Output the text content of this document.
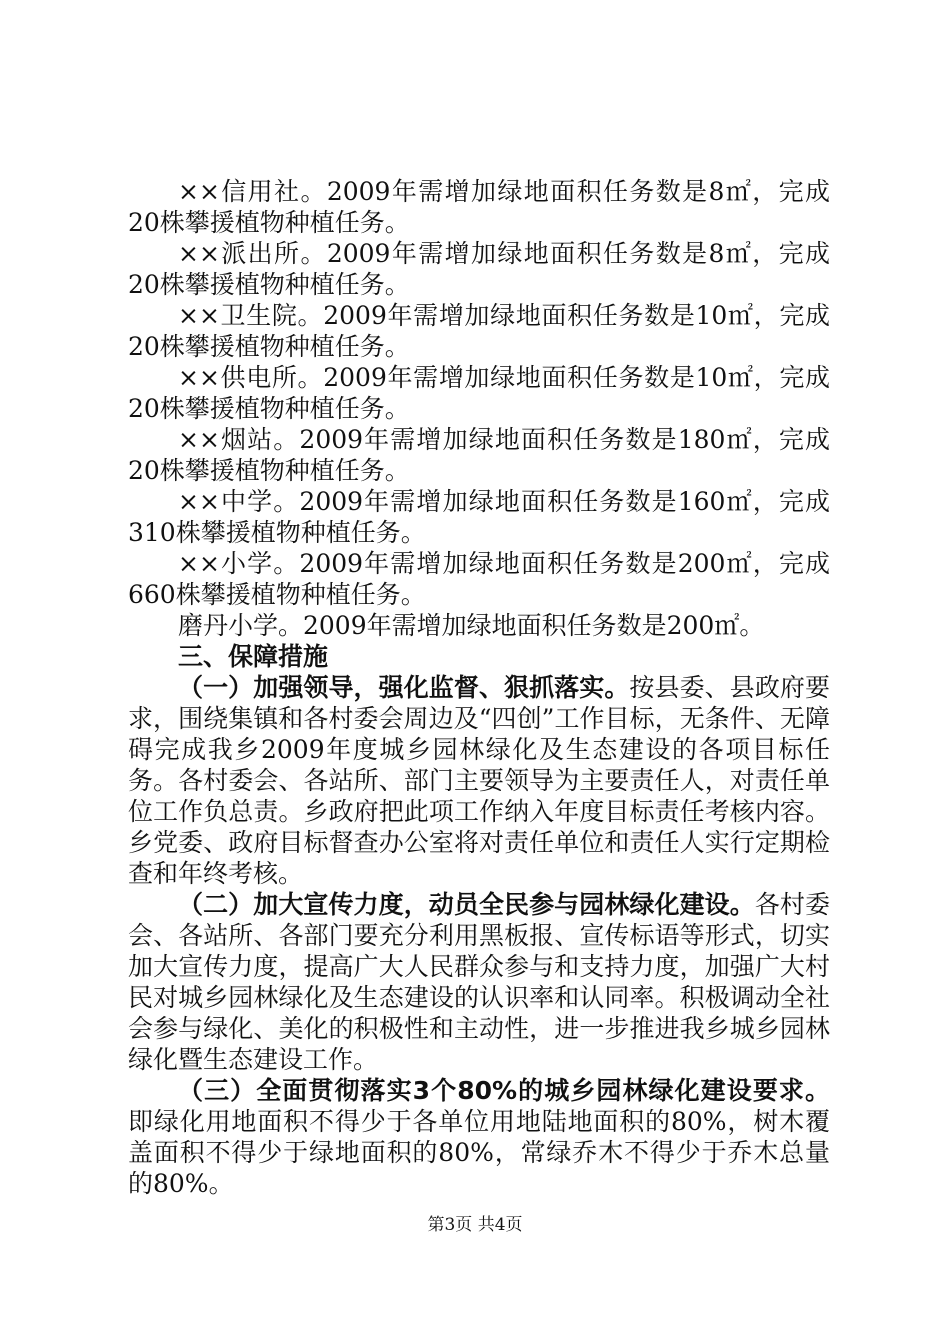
××信用社。2009年需增加绿地面积任务数是8㎡，完成20株攀援植物种植任务。

××派出所。2009年需增加绿地面积任务数是8㎡，完成20株攀援植物种植任务。

××卫生院。2009年需增加绿地面积任务数是10㎡，完成20株攀援植物种植任务。

××供电所。2009年需增加绿地面积任务数是10㎡，完成20株攀援植物种植任务。

××烟站。2009年需增加绿地面积任务数是180㎡，完成20株攀援植物种植任务。

××中学。2009年需增加绿地面积任务数是160㎡，完成310株攀援植物种植任务。

××小学。2009年需增加绿地面积任务数是200㎡，完成660株攀援植物种植任务。

磨丹小学。2009年需增加绿地面积任务数是200㎡。

三、保障措施

（一）加强领导，强化监督、狠抓落实。按县委、县政府要求，围绕集镇和各村委会周边及“四创”工作目标，无条件、无障碍完成我乡2009年度城乡园林绿化及生态建设的各项目标任务。各村委会、各站所、部门主要领导为主要责任人，对责任单位工作负总责。乡政府把此项工作纳入年度目标责任考核内容。乡党委、政府目标督查办公室将对责任单位和责任人实行定期检查和年终考核。

（二）加大宣传力度，动员全民参与园林绿化建设。各村委会、各站所、各部门要充分利用黑板报、宣传标语等形式，切实加大宣传力度，提高广大人民群众参与和支持力度，加强广大村民对城乡园林绿化及生态建设的认识率和认同率。积极调动全社会参与绿化、美化的积极性和主动性，进一步推进我乡城乡园林绿化暨生态建设工作。

（三）全面贯彻落实3个80%的城乡园林绿化建设要求。即绿化用地面积不得少于各单位用地陆地面积的80%，树木覆盖面积不得少于绿地面积的80%，常绿乔木不得少于乔木总量的80%。

第3页 共4页
